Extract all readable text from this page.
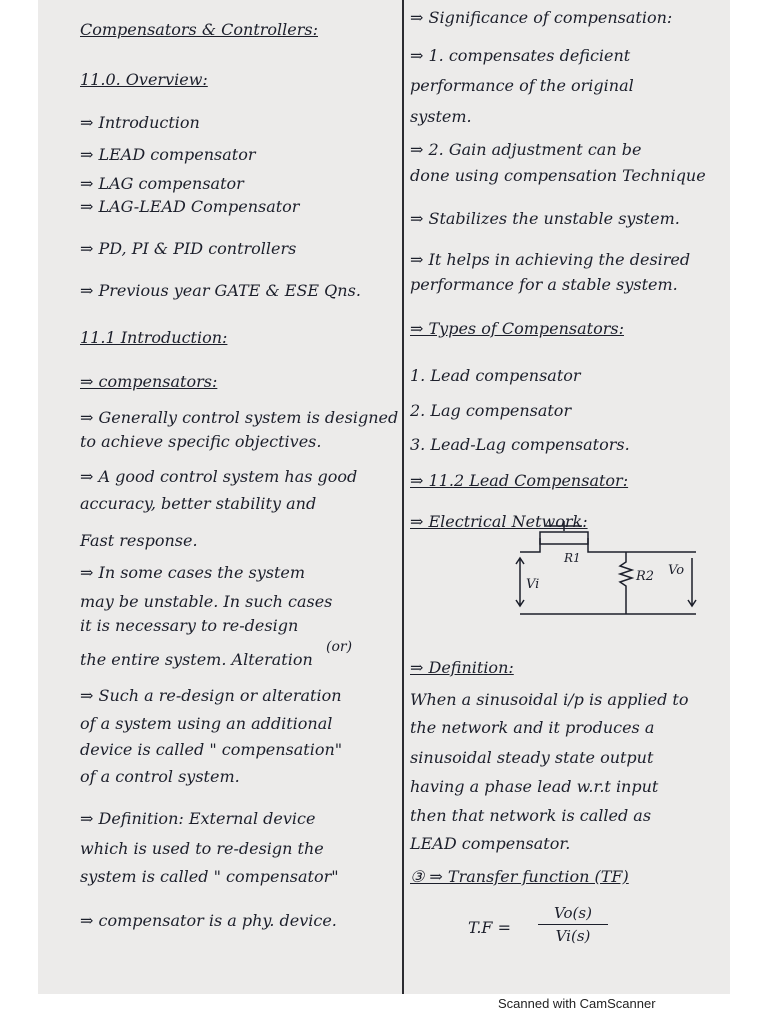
Compensators & Controllers:
11.0. Overview:
⇒ Introduction
⇒ LEAD compensator
⇒ LAG compensator
⇒ LAG-LEAD Compensator
⇒ PD, PI & PID controllers
⇒ Previous year GATE & ESE Qns.
11.1 Introduction:
⇒ compensators:
⇒ Generally control system is designed
to achieve specific objectives.
⇒ A good control system has good
accuracy, better stability and
Fast response.
⇒ In some cases the system
may be unstable. In such cases
it is necessary to re-design
(or)
the entire system. Alteration
⇒ Such a re-design or alteration
of a system using an additional
device is called " compensation"
of a control system.
⇒ Definition: External device
which is used to re-design the
system is called " compensator"
⇒ compensator is a phy. device.
⇒ Significance of compensation:
⇒ 1. compensates deficient
performance of the original
system.
⇒ 2. Gain adjustment can be
done using compensation Technique
⇒ Stabilizes the unstable system.
⇒ It helps in achieving the desired
performance for a stable system.
⇒ Types of Compensators:
1. Lead compensator
2. Lag compensator
3. Lead-Lag compensators.
⇒ 11.2 Lead Compensator:
⇒ Electrical Network:
R1
R2
Vi
Vo
⇒ Definition:
When a sinusoidal i/p is applied to
the network and it produces a
sinusoidal steady state output
having a phase lead w.r.t input
then that network is called as
LEAD compensator.
③ ⇒ Transfer function (TF)
T.F =
Vo(s)
Vi(s)
Scanned with CamScanner
